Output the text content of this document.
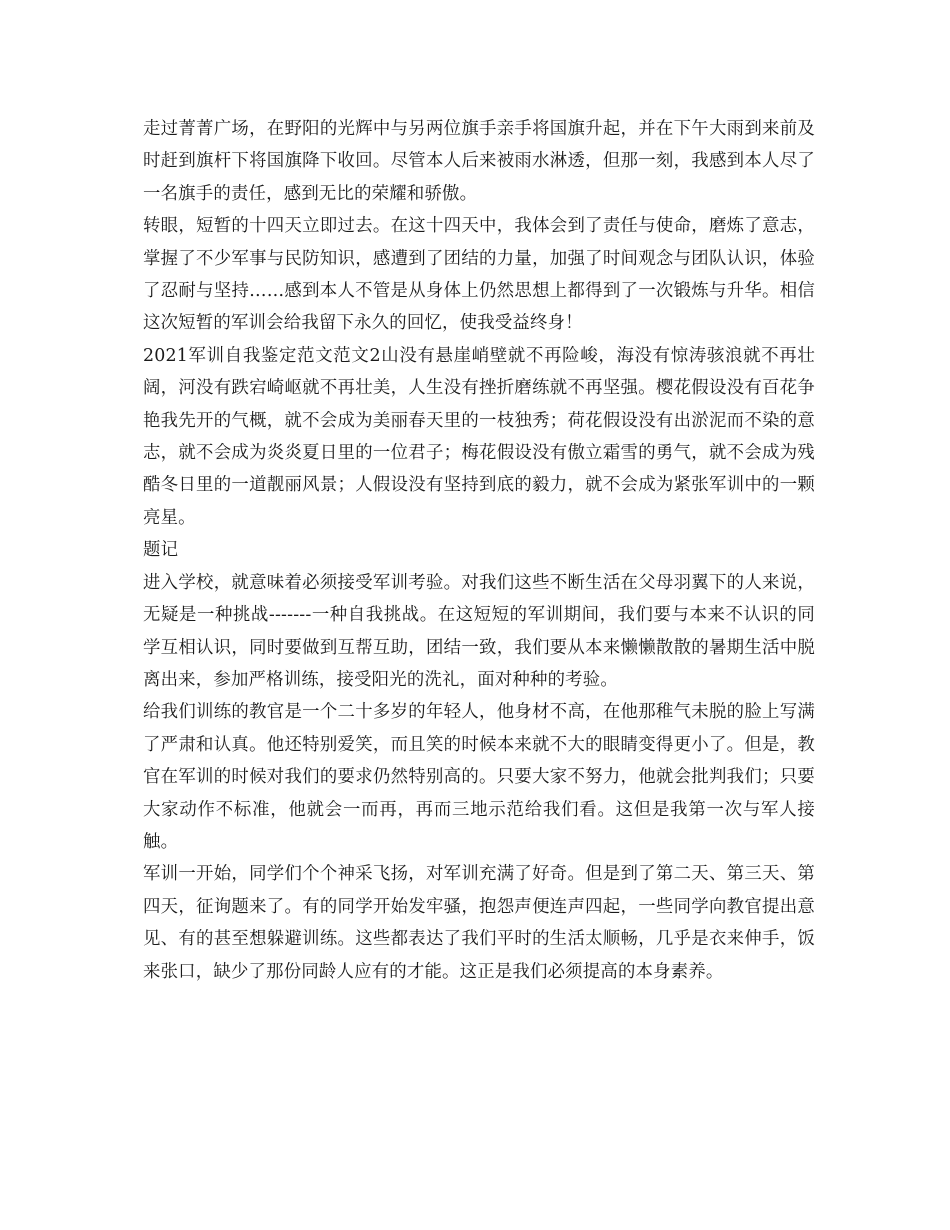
走过菁菁广场，在野阳的光辉中与另两位旗手亲手将国旗升起，并在下午大雨到来前及时赶到旗杆下将国旗降下收回。尽管本人后来被雨水淋透，但那一刻，我感到本人尽了一名旗手的责任，感到无比的荣耀和骄傲。

转眼，短暂的十四天立即过去。在这十四天中，我体会到了责任与使命，磨炼了意志，掌握了不少军事与民防知识，感遭到了团结的力量，加强了时间观念与团队认识，体验了忍耐与坚持……感到本人不管是从身体上仍然思想上都得到了一次锻炼与升华。相信这次短暂的军训会给我留下永久的回忆，使我受益终身！

2021军训自我鉴定范文范文2山没有悬崖峭壁就不再险峻，海没有惊涛骇浪就不再壮阔，河没有跌宕崎岖就不再壮美，人生没有挫折磨练就不再坚强。樱花假设没有百花争艳我先开的气概，就不会成为美丽春天里的一枝独秀；荷花假设没有出淤泥而不染的意志，就不会成为炎炎夏日里的一位君子；梅花假设没有傲立霜雪的勇气，就不会成为残酷冬日里的一道靓丽风景；人假设没有坚持到底的毅力，就不会成为紧张军训中的一颗亮星。

题记

进入学校，就意味着必须接受军训考验。对我们这些不断生活在父母羽翼下的人来说，无疑是一种挑战-------一种自我挑战。在这短短的军训期间，我们要与本来不认识的同学互相认识，同时要做到互帮互助，团结一致，我们要从本来懒懒散散的暑期生活中脱离出来，参加严格训练，接受阳光的洗礼，面对种种的考验。

给我们训练的教官是一个二十多岁的年轻人，他身材不高，在他那稚气未脱的脸上写满了严肃和认真。他还特别爱笑，而且笑的时候本来就不大的眼睛变得更小了。但是，教官在军训的时候对我们的要求仍然特别高的。只要大家不努力，他就会批判我们；只要大家动作不标准，他就会一而再，再而三地示范给我们看。这但是我第一次与军人接触。

军训一开始，同学们个个神采飞扬，对军训充满了好奇。但是到了第二天、第三天、第四天，征询题来了。有的同学开始发牢骚，抱怨声便连声四起，一些同学向教官提出意见、有的甚至想躲避训练。这些都表达了我们平时的生活太顺畅，几乎是衣来伸手，饭来张口，缺少了那份同龄人应有的才能。这正是我们必须提高的本身素养。
